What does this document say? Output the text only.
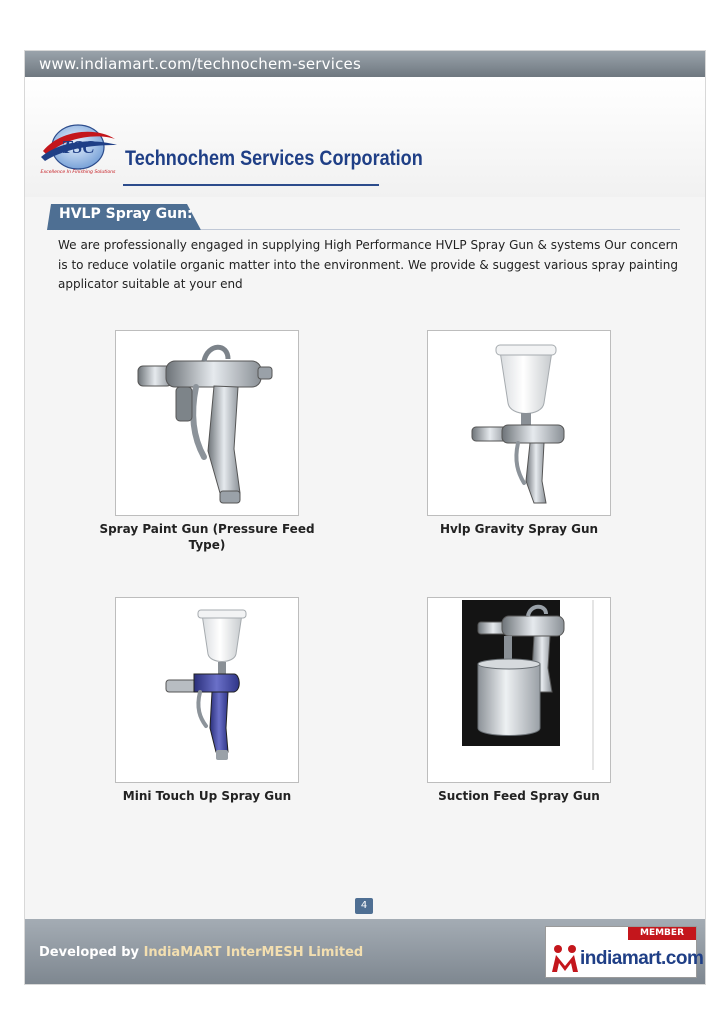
www.indiamart.com/technochem-services
TSC
Excellence In Finishing Solutions
Technochem Services Corporation
HVLP Spray Gun:

We are professionally engaged in supplying High Performance HVLP Spray Gun & systems Our concern is to reduce volatile organic matter into the environment. We provide & suggest various spray painting applicator suitable at your end

Spray Paint Gun (Pressure Feed Type)
Hvlp Gravity Spray Gun
Mini Touch Up Spray Gun	Suction Feed Spray Gun
4
Developed by IndiaMART InterMESH Limited
MEMBER
indiamart.com
